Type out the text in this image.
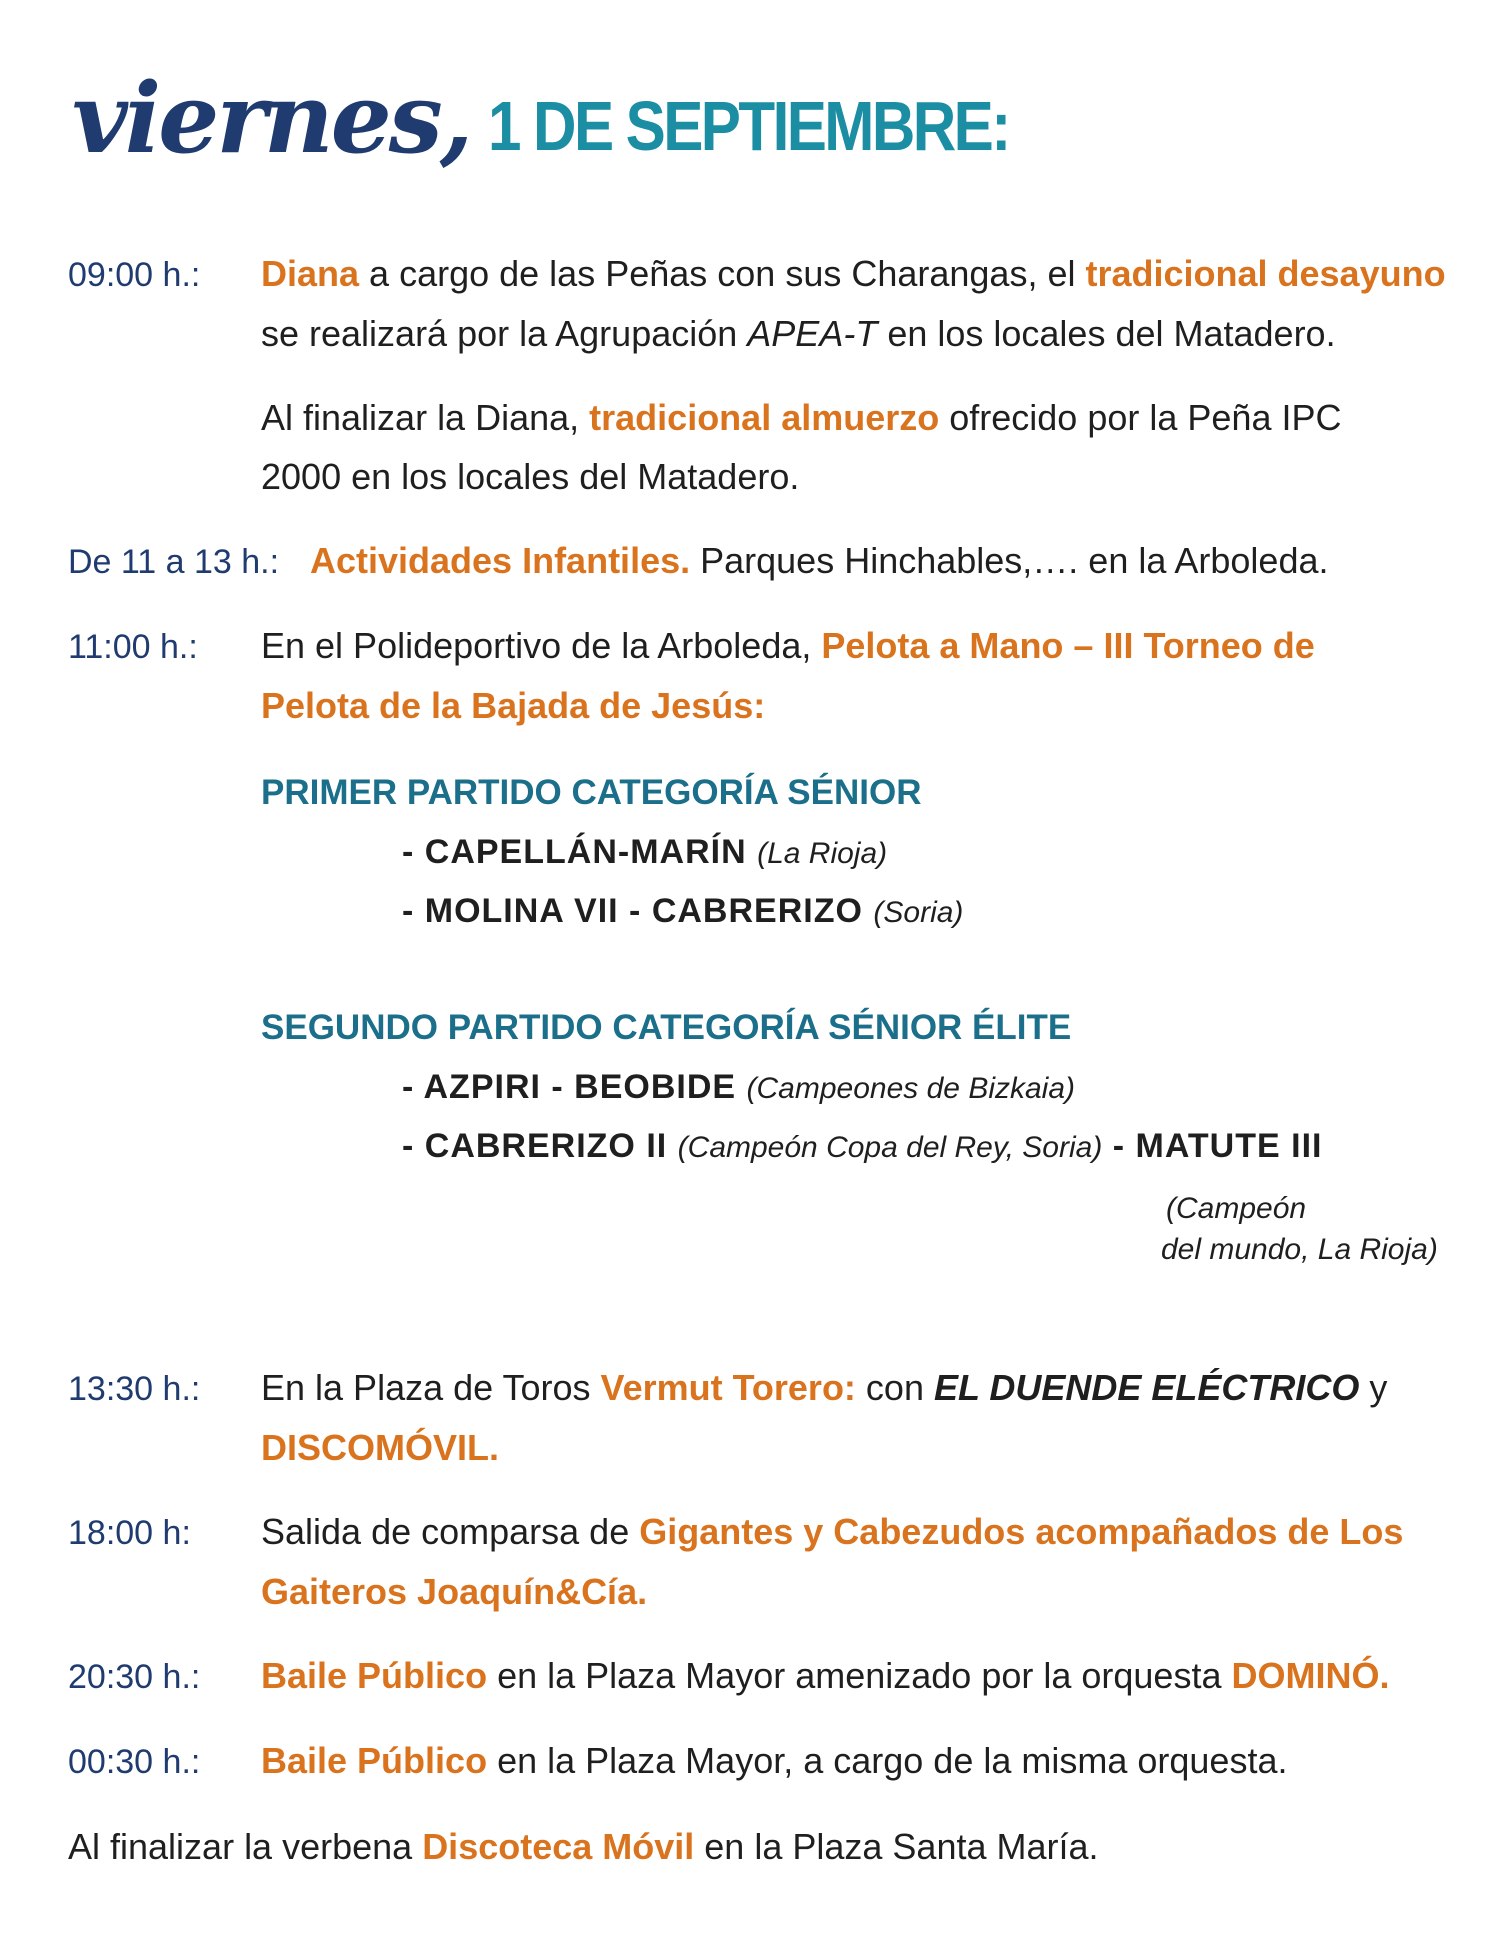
viernes, 1 DE SEPTIEMBRE:
09:00 h.: Diana a cargo de las Peñas con sus Charangas, el tradicional desayuno
se realizará por la Agrupación APEA-T en los locales del Matadero.
Al finalizar la Diana, tradicional almuerzo ofrecido por la Peña IPC
2000 en los locales del Matadero.
De 11 a 13 h.: Actividades Infantiles. Parques Hinchables,…. en la Arboleda.
11:00 h.: En el Polideportivo de la Arboleda, Pelota a Mano – III Torneo de
Pelota de la Bajada de Jesús:
PRIMER PARTIDO CATEGORÍA SÉNIOR
- CAPELLÁN-MARÍN (La Rioja)
- MOLINA VII - CABRERIZO (Soria)
SEGUNDO PARTIDO CATEGORÍA SÉNIOR ÉLITE
- AZPIRI - BEOBIDE (Campeones de Bizkaia)
- CABRERIZO II (Campeón Copa del Rey, Soria) - MATUTE III
(Campeón
del mundo, La Rioja)
13:30 h.: En la Plaza de Toros Vermut Torero: con EL DUENDE ELÉCTRICO y
DISCOMÓVIL.
18:00 h: Salida de comparsa de Gigantes y Cabezudos acompañados de Los
Gaiteros Joaquín&Cía.
20:30 h.: Baile Público en la Plaza Mayor amenizado por la orquesta DOMINÓ.
00:30 h.: Baile Público en la Plaza Mayor, a cargo de la misma orquesta.
Al finalizar la verbena Discoteca Móvil en la Plaza Santa María.
